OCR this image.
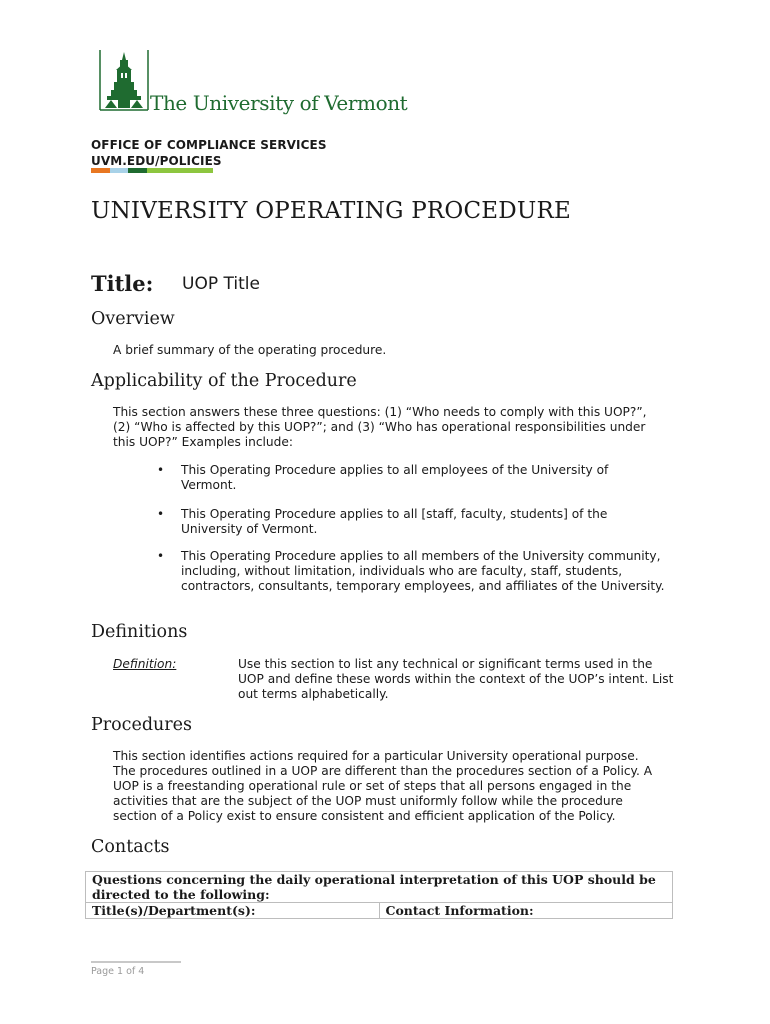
The University of Vermont
OFFICE OF COMPLIANCE SERVICES
UVM.EDU/POLICIES
UNIVERSITY OPERATING PROCEDURE
Title: UOP Title
Overview
A brief summary of the operating procedure.
Applicability of the Procedure
This section answers these three questions: (1) “Who needs to comply with this UOP?”,
(2) “Who is affected by this UOP?”; and (3) “Who has operational responsibilities under
this UOP?” Examples include:
• This Operating Procedure applies to all employees of the University of Vermont.
• This Operating Procedure applies to all [staff, faculty, students] of the University of Vermont.
• This Operating Procedure applies to all members of the University community, including, without limitation, individuals who are faculty, staff, students, contractors, consultants, temporary employees, and affiliates of the University.
Definitions
Definition:	Use this section to list any technical or significant terms used in the UOP and define these words within the context of the UOP’s intent. List out terms alphabetically.
Procedures
This section identifies actions required for a particular University operational purpose.
The procedures outlined in a UOP are different than the procedures section of a Policy. A
UOP is a freestanding operational rule or set of steps that all persons engaged in the
activities that are the subject of the UOP must uniformly follow while the procedure
section of a Policy exist to ensure consistent and efficient application of the Policy.
Contacts
Questions concerning the daily operational interpretation of this UOP should be directed to the following:
Title(s)/Department(s):	Contact Information:
Page 1 of 4
